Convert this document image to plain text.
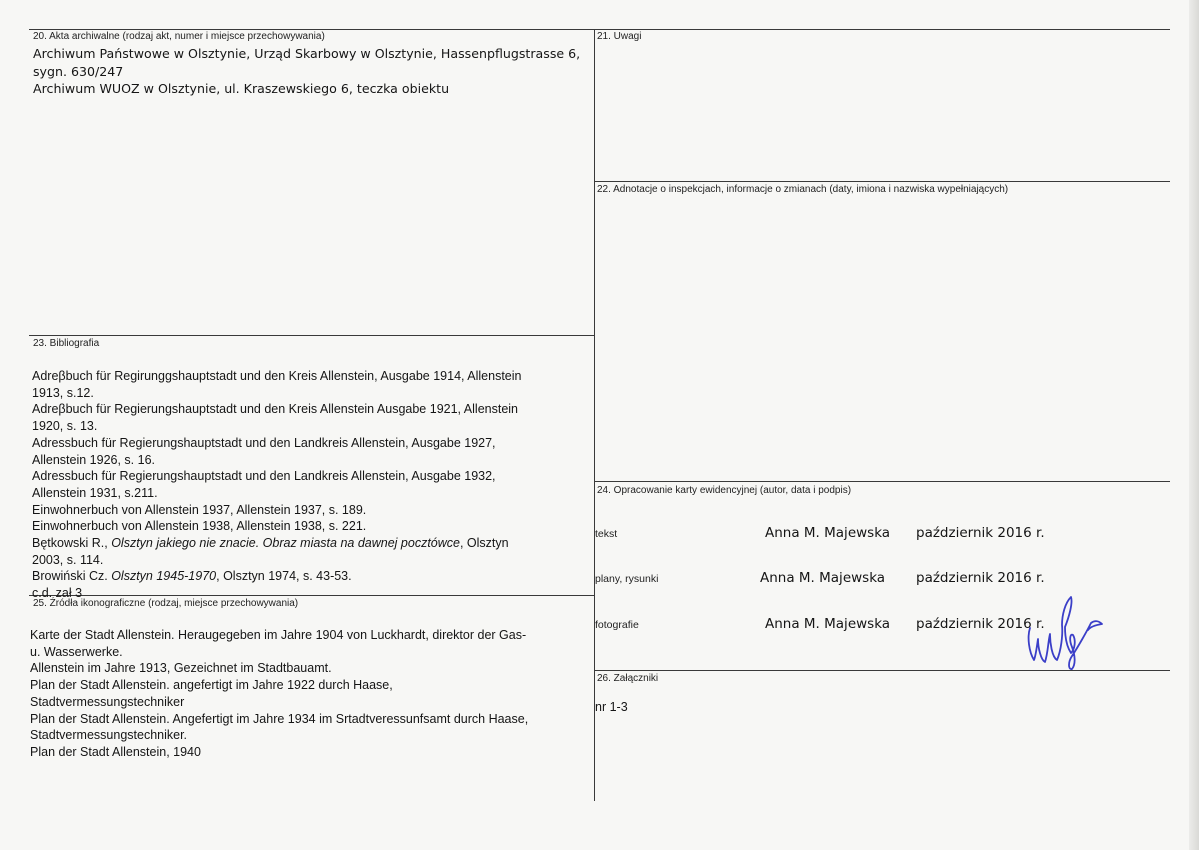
20. Akta archiwalne (rodzaj akt, numer i miejsce przechowywania)

Archiwum Państwowe w Olsztynie, Urząd Skarbowy w Olsztynie, Hassenpflugstrasse 6,

sygn. 630/247

Archiwum WUOZ w Olsztynie, ul. Kraszewskiego 6, teczka obiektu

21. Uwagi
22. Adnotacje o inspekcjach, informacje o zmianach (daty, imiona i nazwiska wypełniających)
23. Bibliografia

Adreβbuch für Regirunggshauptstadt und den Kreis Allenstein, Ausgabe 1914, Allenstein

1913, s.12.

Adreβbuch für Regierungshauptstadt und den Kreis Allenstein Ausgabe 1921, Allenstein

1920, s. 13.

Adressbuch für Regierungshauptstadt und den Landkreis Allenstein, Ausgabe 1927,

Allenstein 1926, s. 16.

Adressbuch für Regierungshauptstadt und den Landkreis Allenstein, Ausgabe 1932,

Allenstein 1931, s.211.

Einwohnerbuch von Allenstein 1937, Allenstein 1937, s. 189.

Einwohnerbuch von Allenstein 1938, Allenstein 1938, s. 221.

Bętkowski R., Olsztyn jakiego nie znacie. Obraz miasta na dawnej pocztówce, Olsztyn

2003, s. 114.

Browiński Cz. Olsztyn 1945-1970, Olsztyn 1974, s. 43-53.

c.d. zał 3

24. Opracowanie karty ewidencyjnej (autor, data i podpis)
tekst	Anna M. Majewska październik 2016 r.
plany, rysunki	Anna M. Majewska październik 2016 r.
fotografie	Anna M. Majewska październik 2016 r.
25. Źródła ikonograficzne (rodzaj, miejsce przechowywania)

Karte der Stadt Allenstein. Heraugegeben im Jahre 1904 von Luckhardt, direktor der Gas-

u. Wasserwerke.

Allenstein im Jahre 1913, Gezeichnet im Stadtbauamt.

Plan der Stadt Allenstein. angefertigt im Jahre 1922 durch Haase,

Stadtvermessungstechniker

Plan der Stadt Allenstein. Angefertigt im Jahre 1934 im Srtadtveressunfsamt durch Haase,

Stadtvermessungstechniker.

Plan der Stadt Allenstein, 1940

26. Załączniki
nr 1-3
